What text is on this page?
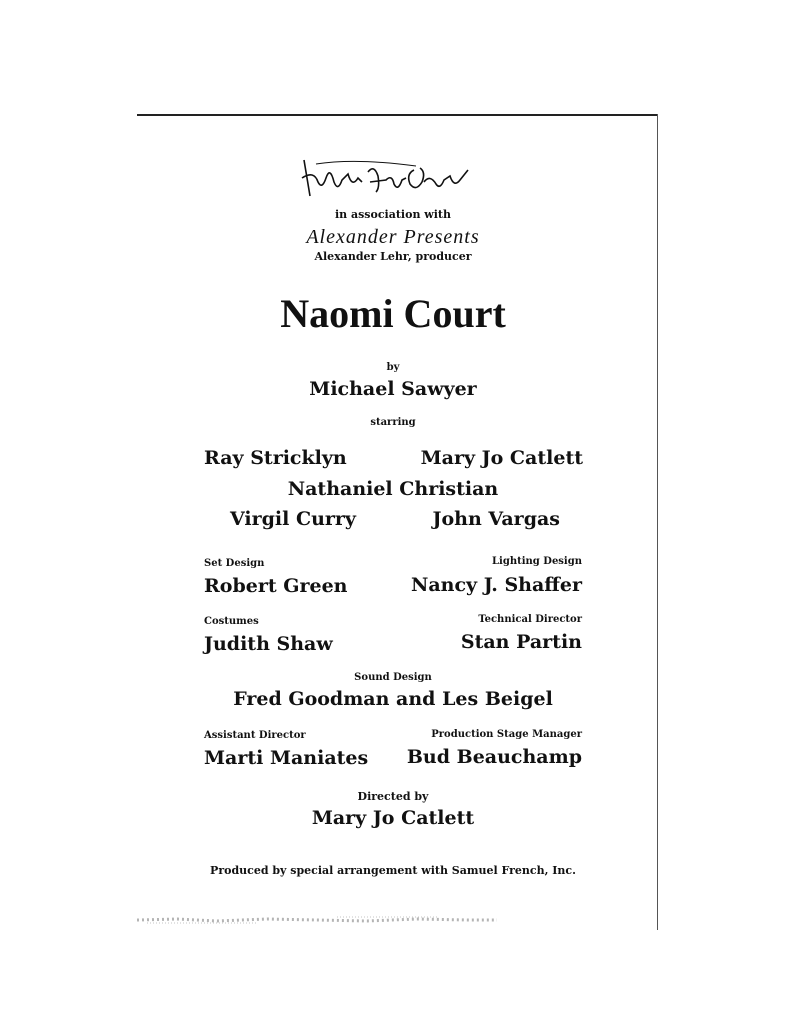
in association with
Alexander Presents
Alexander Lehr, producer
Naomi Court
by
Michael Sawyer
starring
Ray Stricklyn	Mary Jo Catlett
Nathaniel Christian
Virgil Curry	John Vargas
Set Design
Robert Green
Lighting Design
Nancy J. Shaffer
Costumes
Judith Shaw
Technical Director
Stan Partin
Sound Design
Fred Goodman and Les Beigel
Assistant Director
Marti Maniates
Production Stage Manager
Bud Beauchamp
Directed by
Mary Jo Catlett
Produced by special arrangement with Samuel French, Inc.
